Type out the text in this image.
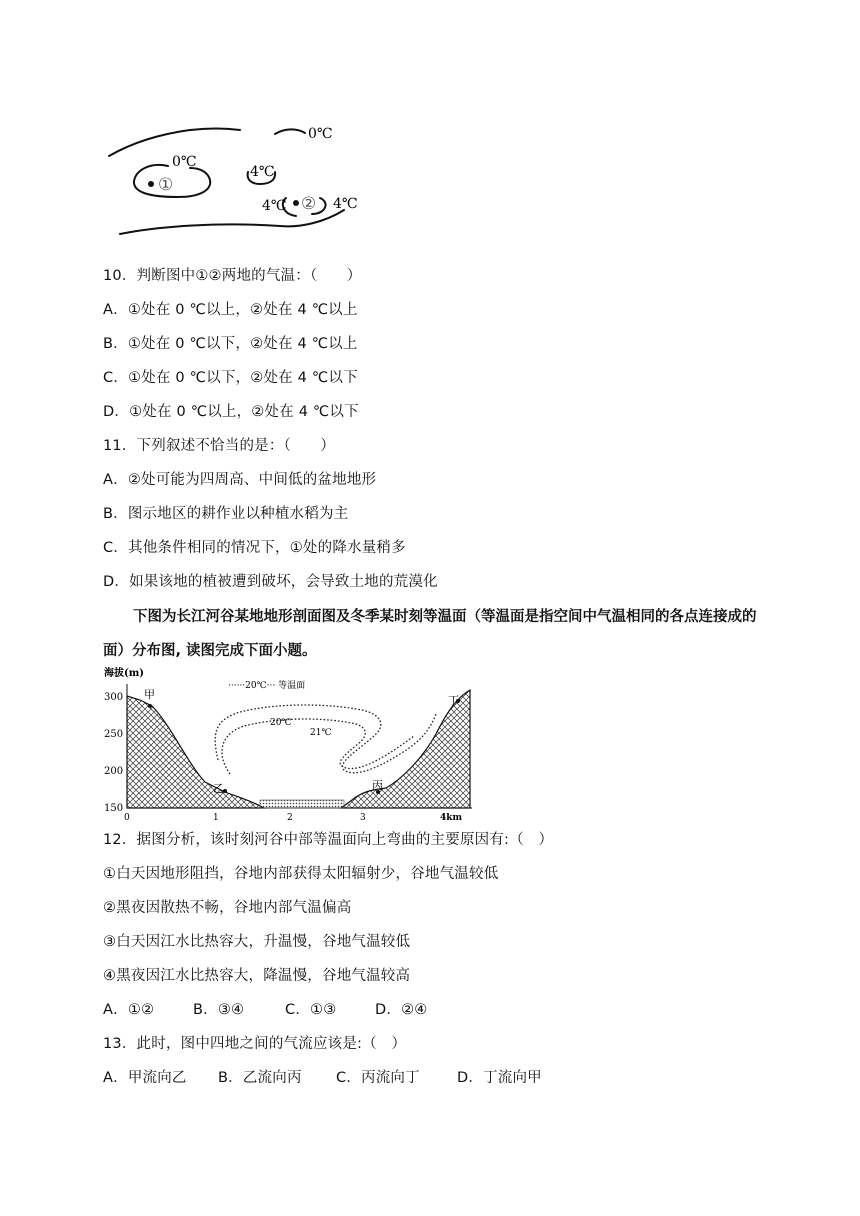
0℃
0℃
①
4℃
4℃ ② 4℃
10．判断图中①②两地的气温：（　　）
A．①处在 0 ℃以上，②处在 4 ℃以上
B．①处在 0 ℃以下，②处在 4 ℃以上
C．①处在 0 ℃以下，②处在 4 ℃以下
D．①处在 0 ℃以上，②处在 4 ℃以下
11．下列叙述不恰当的是：（　　）
A．②处可能为四周高、中间低的盆地地形
B．图示地区的耕作业以种植水稻为主
C．其他条件相同的情况下，①处的降水量稍多
D．如果该地的植被遭到破坏，会导致土地的荒漠化
下图为长江河谷某地地形剖面图及冬季某时刻等温面（等温面是指空间中气温相同的各点连接成的面）分布图, 读图完成下面小题。
海拔(m)
300
250
200
150
0	1	2	3	4km
······20℃··· 等温面
20℃
21℃
甲
乙	丙
丁
12．据图分析，该时刻河谷中部等温面向上弯曲的主要原因有:（　）
①白天因地形阻挡，谷地内部获得太阳辐射少，谷地气温较低
②黑夜因散热不畅，谷地内部气温偏高
③白天因江水比热容大，升温慢，谷地气温较低
④黑夜因江水比热容大，降温慢，谷地气温较高
A．①②	B．③④	C．①③	D．②④
13．此时，图中四地之间的气流应该是:（　）
A．甲流向乙 B．乙流向丙 C．丙流向丁	D．丁流向甲
